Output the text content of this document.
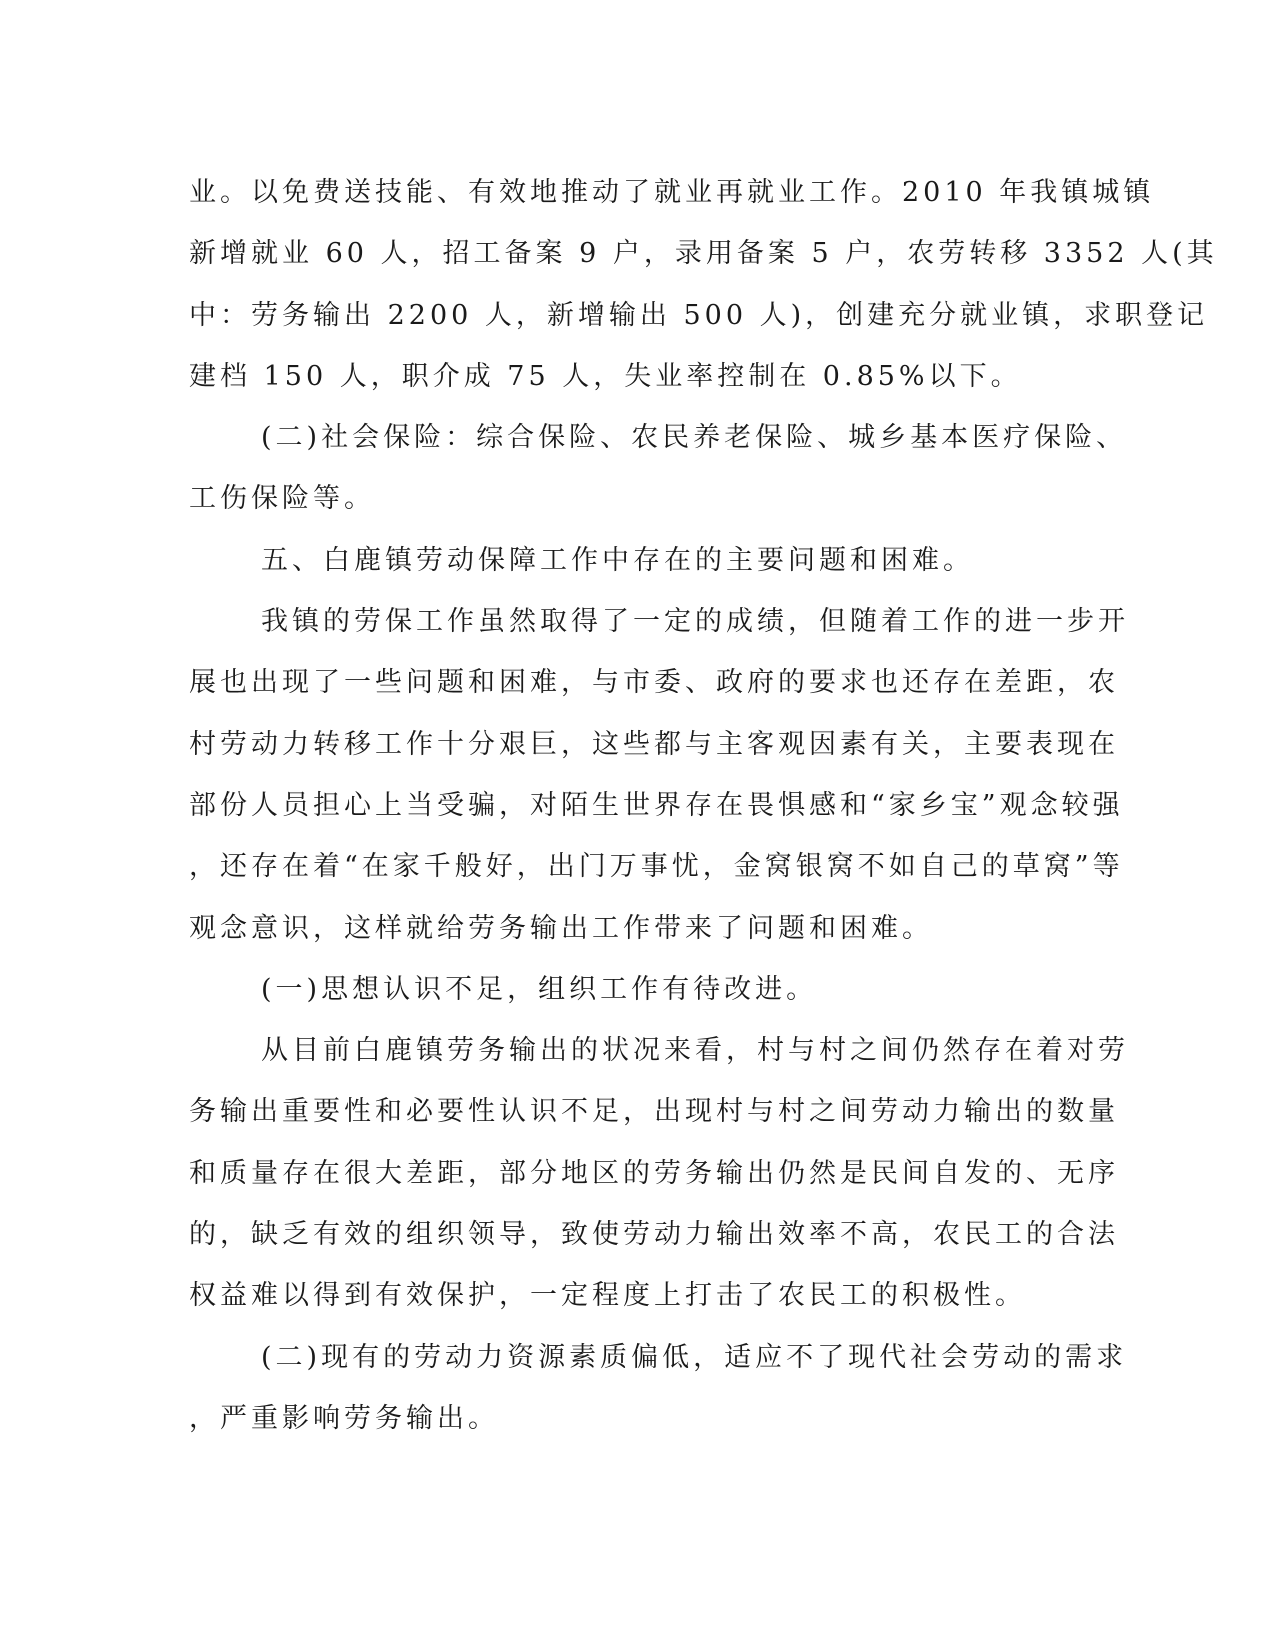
业。以免费送技能、有效地推动了就业再就业工作。2010 年我镇城镇
新增就业 60 人，招工备案 9 户，录用备案 5 户，农劳转移 3352 人(其
中：劳务输出 2200 人，新增输出 500 人)，创建充分就业镇，求职登记
建档 150 人，职介成 75 人，失业率控制在 0.85%以下。
(二)社会保险：综合保险、农民养老保险、城乡基本医疗保险、
工伤保险等。
五、白鹿镇劳动保障工作中存在的主要问题和困难。
我镇的劳保工作虽然取得了一定的成绩，但随着工作的进一步开
展也出现了一些问题和困难，与市委、政府的要求也还存在差距，农
村劳动力转移工作十分艰巨，这些都与主客观因素有关，主要表现在
部份人员担心上当受骗，对陌生世界存在畏惧感和“家乡宝”观念较强
，还存在着“在家千般好，出门万事忧，金窝银窝不如自己的草窝”等
观念意识，这样就给劳务输出工作带来了问题和困难。
(一)思想认识不足，组织工作有待改进。
从目前白鹿镇劳务输出的状况来看，村与村之间仍然存在着对劳
务输出重要性和必要性认识不足，出现村与村之间劳动力输出的数量
和质量存在很大差距，部分地区的劳务输出仍然是民间自发的、无序
的，缺乏有效的组织领导，致使劳动力输出效率不高，农民工的合法
权益难以得到有效保护，一定程度上打击了农民工的积极性。
(二)现有的劳动力资源素质偏低，适应不了现代社会劳动的需求
，严重影响劳务输出。
